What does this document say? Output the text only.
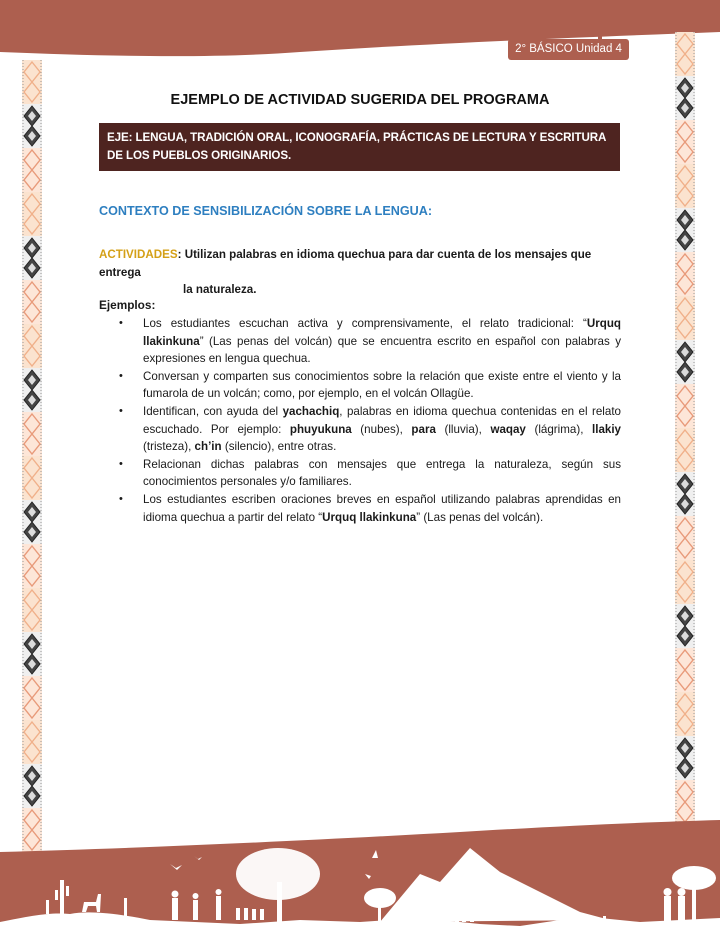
2° BÁSICO Unidad 4
EJEMPLO DE ACTIVIDAD SUGERIDA DEL PROGRAMA
EJE: LENGUA, TRADICIÓN ORAL, ICONOGRAFÍA, PRÁCTICAS DE LECTURA Y ESCRITURA DE LOS PUEBLOS ORIGINARIOS.
CONTEXTO DE SENSIBILIZACIÓN SOBRE LA LENGUA:
ACTIVIDADES: Utilizan palabras en idioma quechua para dar cuenta de los mensajes que entrega
la naturaleza.
Ejemplos:
• Los estudiantes escuchan activa y comprensivamente, el relato tradicional: “Urquq llakinkuna” (Las penas del volcán) que se encuentra escrito en español con palabras y expresiones en lengua quechua.
• Conversan y comparten sus conocimientos sobre la relación que existe entre el viento y la fumarola de un volcán; como, por ejemplo, en el volcán Ollagüe.
• Identifican, con ayuda del yachachiq, palabras en idioma quechua contenidas en el relato escuchado. Por ejemplo: phuyukuna (nubes), para (lluvia), waqay (lágrima), llakiy (tristeza), ch’in (silencio), entre otras.
• Relacionan dichas palabras con mensajes que entrega la naturaleza, según sus conocimientos personales y/o familiares.
• Los estudiantes escriben oraciones breves en español utilizando palabras aprendidas en idioma quechua a partir del relato “Urquq llakinkuna” (Las penas del volcán).
